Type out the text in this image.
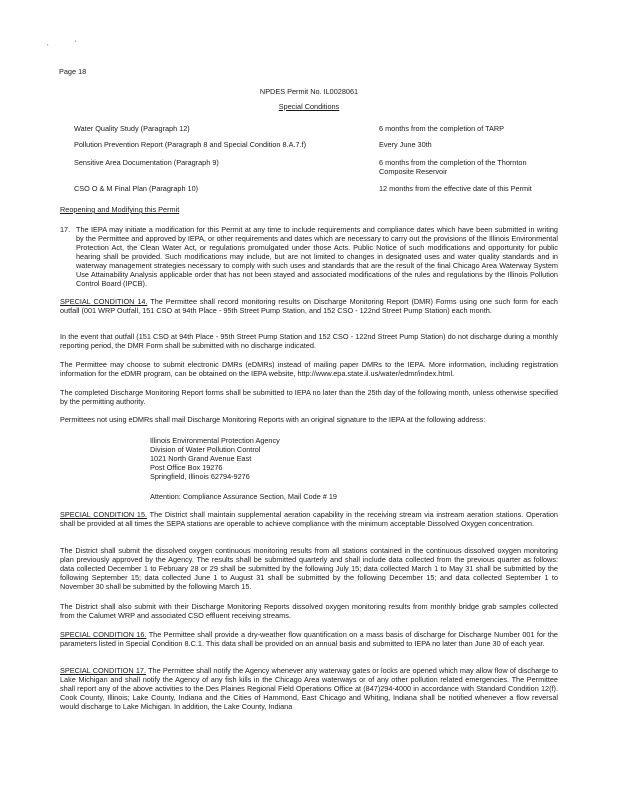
,	'
Page 18
NPDES Permit No. IL0028061
Special Conditions
Water Quality Study (Paragraph 12)	6 months from the completion of TARP
Pollution Prevention Report (Paragraph 8 and Special Condition 8.A.7.f)	Every June 30th
Sensitive Area Documentation (Paragraph 9)	6 months from the completion of the Thornton Composite Reservoir
CSO O & M Final Plan (Paragraph 10)	12 months from the effective date of this Permit
Reopening and Modifying this Permit
17. The IEPA may initiate a modification for this Permit at any time to include requirements and compliance dates which have been submitted in writing by the Permittee and approved by IEPA, or other requirements and dates which are necessary to carry out the provisions of the Illinois Environmental Protection Act, the Clean Water Act, or regulations promulgated under those Acts. Public Notice of such modifications and opportunity for public hearing shall be provided. Such modifications may include, but are not limited to changes in designated uses and water quality standards and in waterway management strategies necessary to comply with such uses and standards that are the result of the final Chicago Area Waterway System Use Attainability Analysis applicable order that has not been stayed and associated modifications of the rules and regulations by the Illinois Pollution Control Board (IPCB).
SPECIAL CONDITION 14. The Permittee shall record monitoring results on Discharge Monitoring Report (DMR) Forms using one such form for each outfall (001 WRP Outfall, 151 CSO at 94th Place - 95th Street Pump Station, and 152 CSO - 122nd Street Pump Station) each month.
In the event that outfall (151 CSO at 94th Place - 95th Street Pump Station and 152 CSO - 122nd Street Pump Station) do not discharge during a monthly reporting period, the DMR Form shall be submitted with no discharge indicated.
The Permittee may choose to submit electronic DMRs (eDMRs) instead of mailing paper DMRs to the IEPA. More information, including registration information for the eDMR program, can be obtained on the IEPA website, http://www.epa.state.il.us/water/edmr/index.html.
The completed Discharge Monitoring Report forms shall be submitted to IEPA no later than the 25th day of the following month, unless otherwise specified by the permitting authority.
Permittees not using eDMRs shall mail Discharge Monitoring Reports with an original signature to the IEPA at the following address:
Illinois Environmental Protection Agency
Division of Water Pollution Control
1021 North Grand Avenue East
Post Office Box 19276
Springfield, Illinois 62794-9276
Attention: Compliance Assurance Section, Mail Code # 19
SPECIAL CONDITION 15. The District shall maintain supplemental aeration capability in the receiving stream via instream aeration stations. Operation shall be provided at all times the SEPA stations are operable to achieve compliance with the minimum acceptable Dissolved Oxygen concentration.
The District shall submit the dissolved oxygen continuous monitoring results from all stations contained in the continuous dissolved oxygen monitoring plan previously approved by the Agency. The results shall be submitted quarterly and shall include data collected from the previous quarter as follows: data collected December 1 to February 28 or 29 shall be submitted by the following July 15; data collected March 1 to May 31 shall be submitted by the following September 15; data collected June 1 to August 31 shall be submitted by the following December 15; and data collected September 1 to November 30 shall be submitted by the following March 15.
The District shall also submit with their Discharge Monitoring Reports dissolved oxygen monitoring results from monthly bridge grab samples collected from the Calumet WRP and associated CSO effluent receiving streams.
SPECIAL CONDITION 16. The Permittee shall provide a dry-weather flow quantification on a mass basis of discharge for Discharge Number 001 for the parameters listed in Special Condition 8.C.1. This data shall be provided on an annual basis and submitted to IEPA no later than June 30 of each year.
SPECIAL CONDITION 17. The Permittee shall notify the Agency whenever any waterway gates or locks are opened which may allow flow of discharge to Lake Michigan and shall notify the Agency of any fish kills in the Chicago Area waterways or of any other pollution related emergencies. The Permittee shall report any of the above activities to the Des Plaines Regional Field Operations Office at (847)294-4000 in accordance with Standard Condition 12(f). Cook County, Illinois; Lake County, Indiana and the Cities of Hammond, East Chicago and Whiting, Indiana shall be notified whenever a flow reversal would discharge to Lake Michigan. In addition, the Lake County, Indiana
